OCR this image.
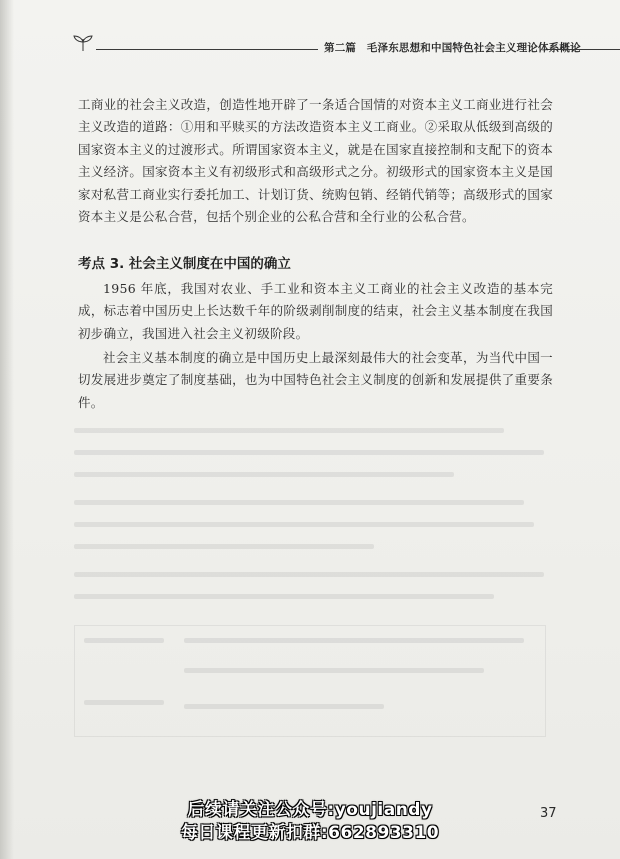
第二篇　毛泽东思想和中国特色社会主义理论体系概论

工商业的社会主义改造，创造性地开辟了一条适合国情的对资本主义工商业进行社会主义改造的道路：①用和平赎买的方法改造资本主义工商业。②采取从低级到高级的国家资本主义的过渡形式。所谓国家资本主义，就是在国家直接控制和支配下的资本主义经济。国家资本主义有初级形式和高级形式之分。初级形式的国家资本主义是国家对私营工商业实行委托加工、计划订货、统购包销、经销代销等；高级形式的国家资本主义是公私合营，包括个别企业的公私合营和全行业的公私合营。

考点 3. 社会主义制度在中国的确立

1956 年底，我国对农业、手工业和资本主义工商业的社会主义改造的基本完成，标志着中国历史上长达数千年的阶级剥削制度的结束，社会主义基本制度在我国初步确立，我国进入社会主义初级阶段。

社会主义基本制度的确立是中国历史上最深刻最伟大的社会变革，为当代中国一切发展进步奠定了制度基础，也为中国特色社会主义制度的创新和发展提供了重要条件。

后续请关注公众号:youjiandy
每日课程更新扣群:662893310
37
